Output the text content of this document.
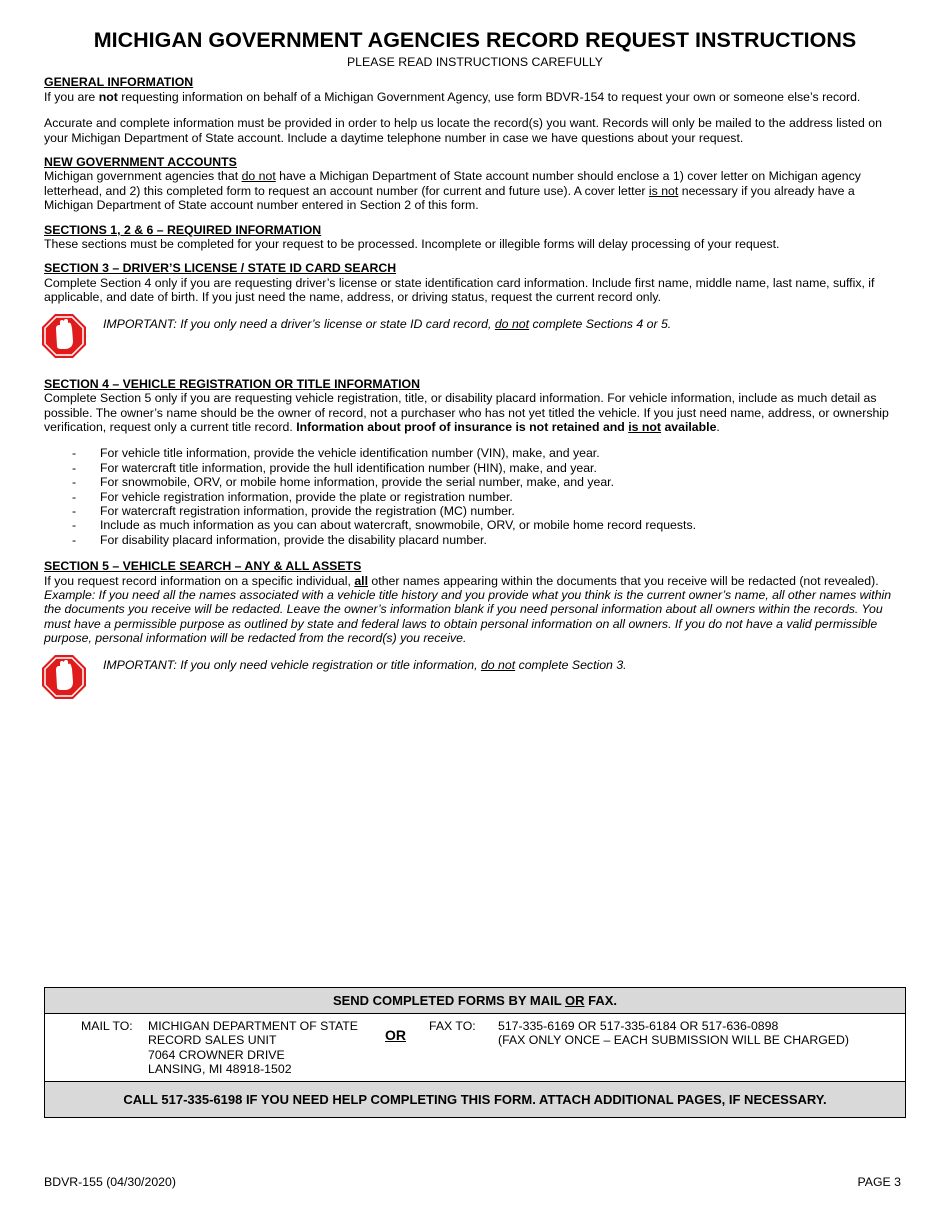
MICHIGAN GOVERNMENT AGENCIES RECORD REQUEST INSTRUCTIONS
PLEASE READ INSTRUCTIONS CAREFULLY
GENERAL INFORMATION

If you are not requesting information on behalf of a Michigan Government Agency, use form BDVR-154 to request your own or someone else’s record.

Accurate and complete information must be provided in order to help us locate the record(s) you want. Records will only be mailed to the address listed on your Michigan Department of State account. Include a daytime telephone number in case we have questions about your request.

NEW GOVERNMENT ACCOUNTS

Michigan government agencies that do not have a Michigan Department of State account number should enclose a 1) cover letter on Michigan agency letterhead, and 2) this completed form to request an account number (for current and future use). A cover letter is not necessary if you already have a Michigan Department of State account number entered in Section 2 of this form.

SECTIONS 1, 2 & 6 – REQUIRED INFORMATION

These sections must be completed for your request to be processed. Incomplete or illegible forms will delay processing of your request.

SECTION 3 – DRIVER’S LICENSE / STATE ID CARD SEARCH

Complete Section 4 only if you are requesting driver’s license or state identification card information. Include first name, middle name, last name, suffix, if applicable, and date of birth. If you just need the name, address, or driving status, request the current record only.

IMPORTANT: If you only need a driver’s license or state ID card record, do not complete Sections 4 or 5.
SECTION 4 – VEHICLE REGISTRATION OR TITLE INFORMATION

Complete Section 5 only if you are requesting vehicle registration, title, or disability placard information. For vehicle information, include as much detail as possible. The owner’s name should be the owner of record, not a purchaser who has not yet titled the vehicle. If you just need name, address, or ownership verification, request only a current title record. Information about proof of insurance is not retained and is not available.

- For vehicle title information, provide the vehicle identification number (VIN), make, and year.
- For watercraft title information, provide the hull identification number (HIN), make, and year.
- For snowmobile, ORV, or mobile home information, provide the serial number, make, and year.
- For vehicle registration information, provide the plate or registration number.
- For watercraft registration information, provide the registration (MC) number.
- Include as much information as you can about watercraft, snowmobile, ORV, or mobile home record requests.
- For disability placard information, provide the disability placard number.
SECTION 5 – VEHICLE SEARCH – ANY & ALL ASSETS

If you request record information on a specific individual, all other names appearing within the documents that you receive will be redacted (not revealed). Example: If you need all the names associated with a vehicle title history and you provide what you think is the current owner’s name, all other names within the documents you receive will be redacted. Leave the owner’s information blank if you need personal information about all owners within the records. You must have a permissible purpose as outlined by state and federal laws to obtain personal information on all owners. If you do not have a valid permissible purpose, personal information will be redacted from the record(s) you receive.

IMPORTANT: If you only need vehicle registration or title information, do not complete Section 3.
SEND COMPLETED FORMS BY MAIL OR FAX.
MAIL TO: MICHIGAN DEPARTMENT OF STATE
RECORD SALES UNIT
7064 CROWNER DRIVE
LANSING, MI 48918-1502
OR
FAX TO: 517-335-6169 OR 517-335-6184 OR 517-636-0898
(FAX ONLY ONCE – EACH SUBMISSION WILL BE CHARGED)
CALL 517-335-6198 IF YOU NEED HELP COMPLETING THIS FORM. ATTACH ADDITIONAL PAGES, IF NECESSARY.
BDVR-155 (04/30/2020)	PAGE 3
